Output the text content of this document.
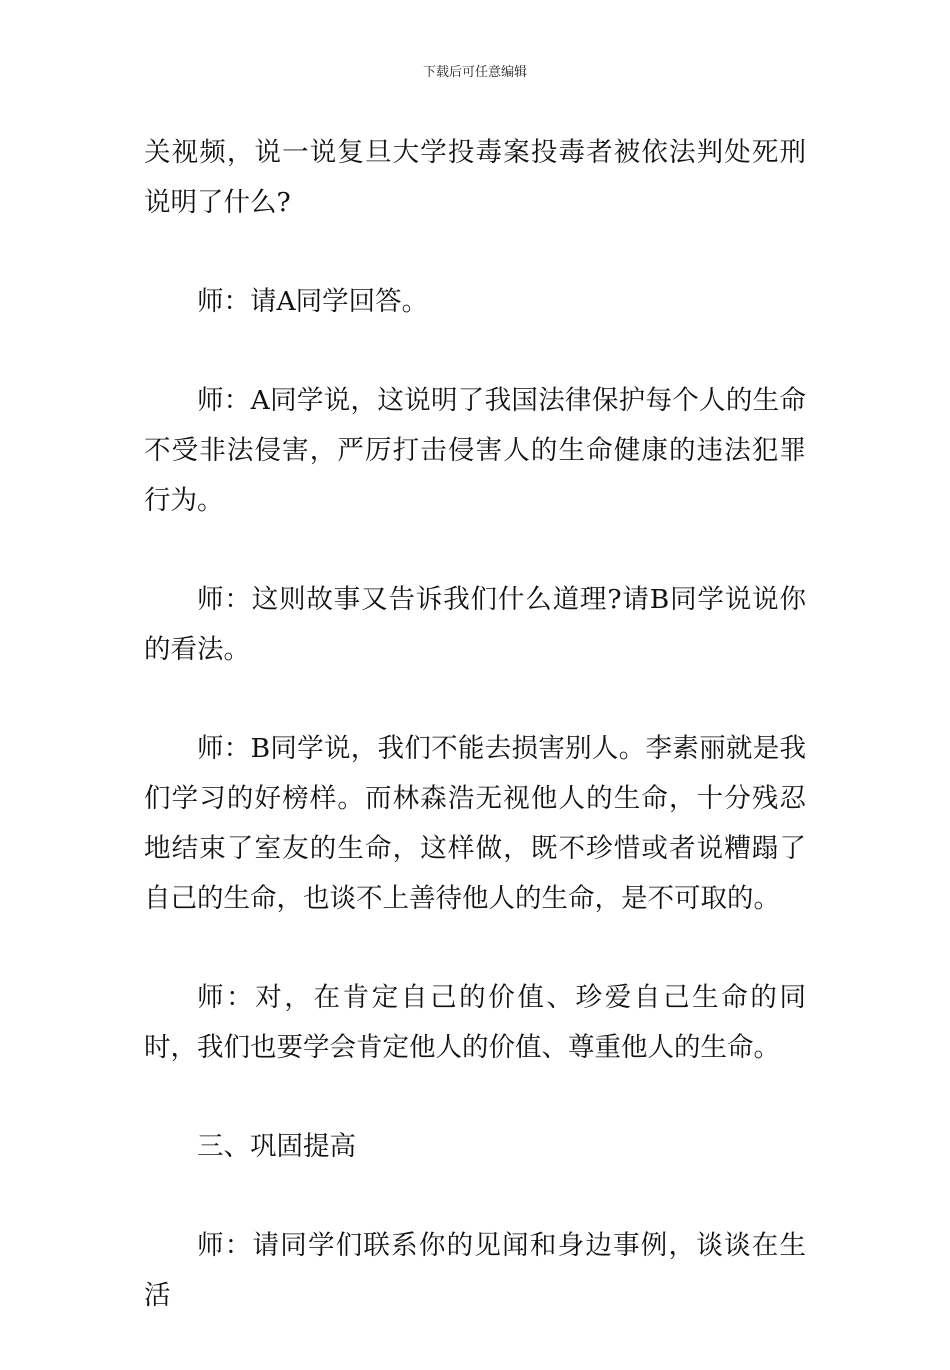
下载后可任意编辑

关视频，说一说复旦大学投毒案投毒者被依法判处死刑说明了什么?

师：请A同学回答。

师：A同学说，这说明了我国法律保护每个人的生命不受非法侵害，严厉打击侵害人的生命健康的违法犯罪行为。

师：这则故事又告诉我们什么道理?请B同学说说你的看法。

师：B同学说，我们不能去损害别人。李素丽就是我们学习的好榜样。而林森浩无视他人的生命，十分残忍地结束了室友的生命，这样做，既不珍惜或者说糟蹋了自己的生命，也谈不上善待他人的生命，是不可取的。

师：对，在肯定自己的价值、珍爱自己生命的同时，我们也要学会肯定他人的价值、尊重他人的生命。

三、巩固提高

师：请同学们联系你的见闻和身边事例，谈谈在生活
